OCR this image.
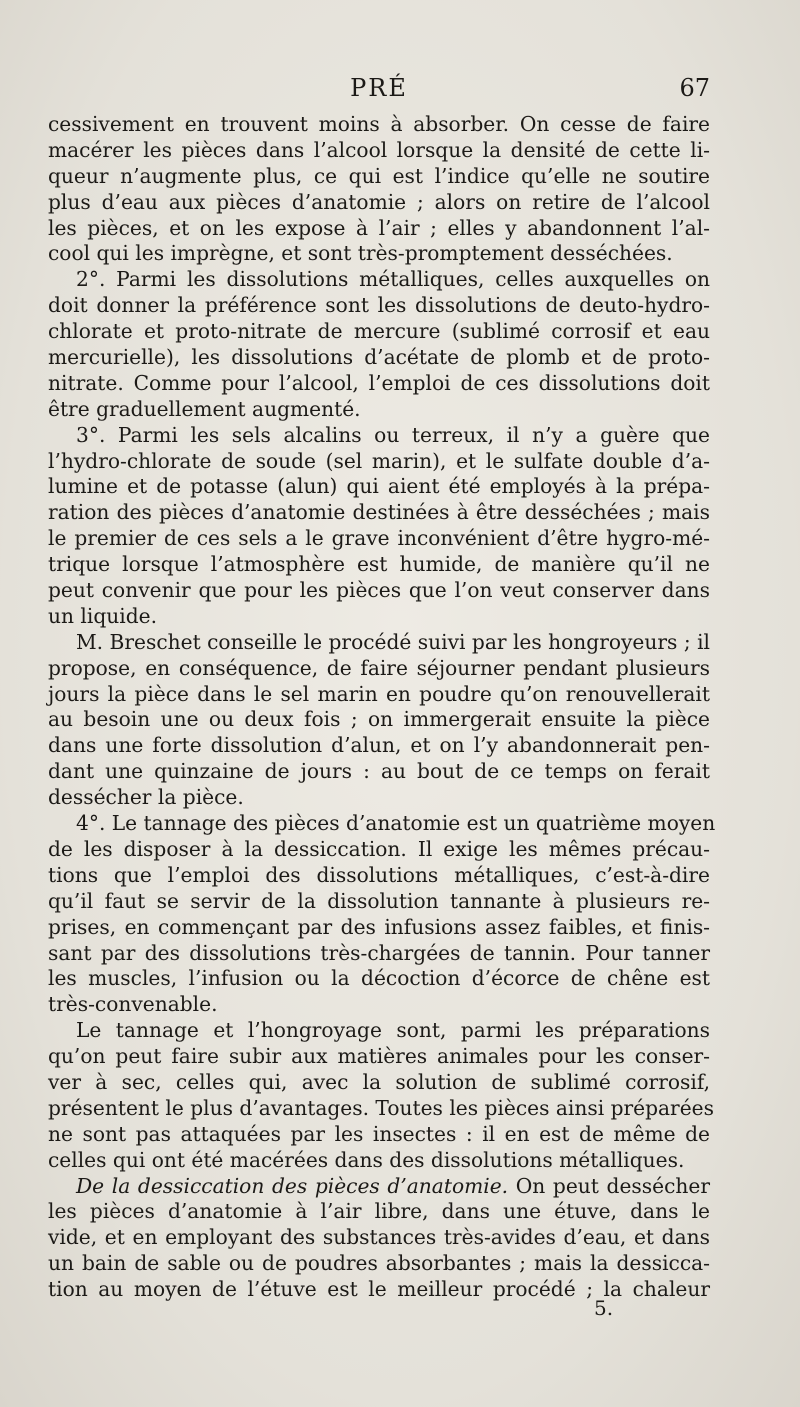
PRÉ	67
cessivement en trouvent moins à absorber. On cesse de faire
macérer les pièces dans l’alcool lorsque la densité de cette li-
queur n’augmente plus, ce qui est l’indice qu’elle ne soutire
plus d’eau aux pièces d’anatomie ; alors on retire de l’alcool
les pièces, et on les expose à l’air ; elles y abandonnent l’al-
cool qui les imprègne, et sont très-promptement desséchées.
2°. Parmi les dissolutions métalliques, celles auxquelles on
doit donner la préférence sont les dissolutions de deuto-hydro-
chlorate et proto-nitrate de mercure (sublimé corrosif et eau
mercurielle), les dissolutions d’acétate de plomb et de proto-
nitrate. Comme pour l’alcool, l’emploi de ces dissolutions doit
être graduellement augmenté.
3°. Parmi les sels alcalins ou terreux, il n’y a guère que
l’hydro-chlorate de soude (sel marin), et le sulfate double d’a-
lumine et de potasse (alun) qui aient été employés à la prépa-
ration des pièces d’anatomie destinées à être desséchées ; mais
le premier de ces sels a le grave inconvénient d’être hygro-mé-
trique lorsque l’atmosphère est humide, de manière qu’il ne
peut convenir que pour les pièces que l’on veut conserver dans
un liquide.
M. Breschet conseille le procédé suivi par les hongroyeurs ; il
propose, en conséquence, de faire séjourner pendant plusieurs
jours la pièce dans le sel marin en poudre qu’on renouvellerait
au besoin une ou deux fois ; on immergerait ensuite la pièce
dans une forte dissolution d’alun, et on l’y abandonnerait pen-
dant une quinzaine de jours : au bout de ce temps on ferait
dessécher la pièce.
4°. Le tannage des pièces d’anatomie est un quatrième moyen
de les disposer à la dessiccation. Il exige les mêmes précau-
tions que l’emploi des dissolutions métalliques, c’est-à-dire
qu’il faut se servir de la dissolution tannante à plusieurs re-
prises, en commençant par des infusions assez faibles, et finis-
sant par des dissolutions très-chargées de tannin. Pour tanner
les muscles, l’infusion ou la décoction d’écorce de chêne est
très-convenable.
Le tannage et l’hongroyage sont, parmi les préparations
qu’on peut faire subir aux matières animales pour les conser-
ver à sec, celles qui, avec la solution de sublimé corrosif,
présentent le plus d’avantages. Toutes les pièces ainsi préparées
ne sont pas attaquées par les insectes : il en est de même de
celles qui ont été macérées dans des dissolutions métalliques.
De la dessiccation des pièces d’anatomie. On peut dessécher
les pièces d’anatomie à l’air libre, dans une étuve, dans le
vide, et en employant des substances très-avides d’eau, et dans
un bain de sable ou de poudres absorbantes ; mais la dessicca-
tion au moyen de l’étuve est le meilleur procédé ; la chaleur
5.
